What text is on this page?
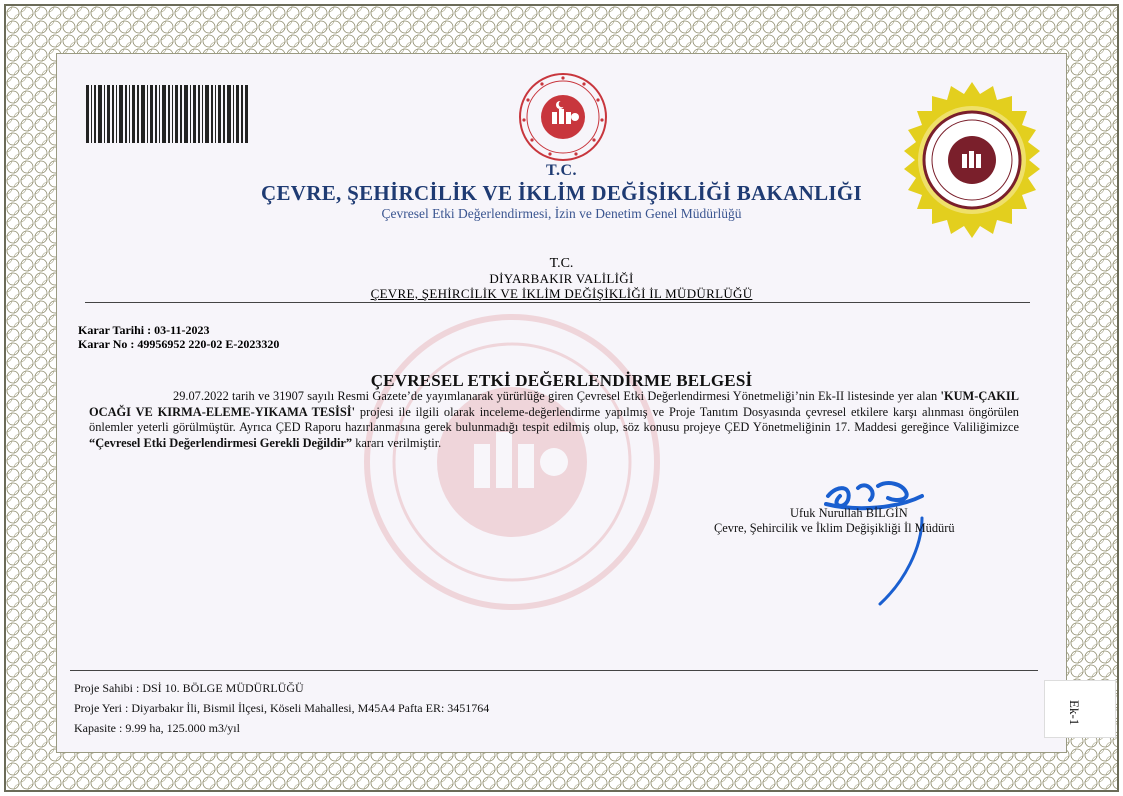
T.C.
ÇEVRE, ŞEHİRCİLİK VE İKLİM DEĞİŞİKLİĞİ BAKANLIĞI
Çevresel Etki Değerlendirmesi, İzin ve Denetim Genel Müdürlüğü
T.C.
DİYARBAKIR VALİLİĞİ
ÇEVRE, ŞEHİRCİLİK VE İKLİM DEĞİŞİKLİĞİ İL MÜDÜRLÜĞÜ
Karar Tarihi : 03-11-2023
Karar No : 49956952 220-02 E-2023320
ÇEVRESEL ETKİ DEĞERLENDİRME BELGESİ
29.07.2022 tarih ve 31907 sayılı Resmi Gazete’de yayımlanarak yürürlüğe giren Çevresel Etki Değerlendirmesi Yönetmeliği’nin Ek-II listesinde yer alan 'KUM-ÇAKIL OCAĞI VE KIRMA-ELEME-YIKAMA TESİSİ' projesi ile ilgili olarak inceleme-değerlendirme yapılmış ve Proje Tanıtım Dosyasında çevresel etkilere karşı alınması öngörülen önlemler yeterli görülmüştür. Ayrıca ÇED Raporu hazırlanmasına gerek bulunmadığı tespit edilmiş olup, söz konusu projeye ÇED Yönetmeliğinin 17. Maddesi gereğince Valiliğimizce “Çevresel Etki Değerlendirmesi Gerekli Değildir” kararı verilmiştir.
Ufuk Nurullah BİLGİN
Çevre, Şehircilik ve İklim Değişikliği İl Müdürü
Proje Sahibi : DSİ 10. BÖLGE MÜDÜRLÜĞÜ
Proje Yeri : Diyarbakır İli, Bismil İlçesi, Köseli Mahallesi, M45A4 Pafta ER: 3451764
Kapasite : 9.99 ha, 125.000 m3/yıl
Ek-1
